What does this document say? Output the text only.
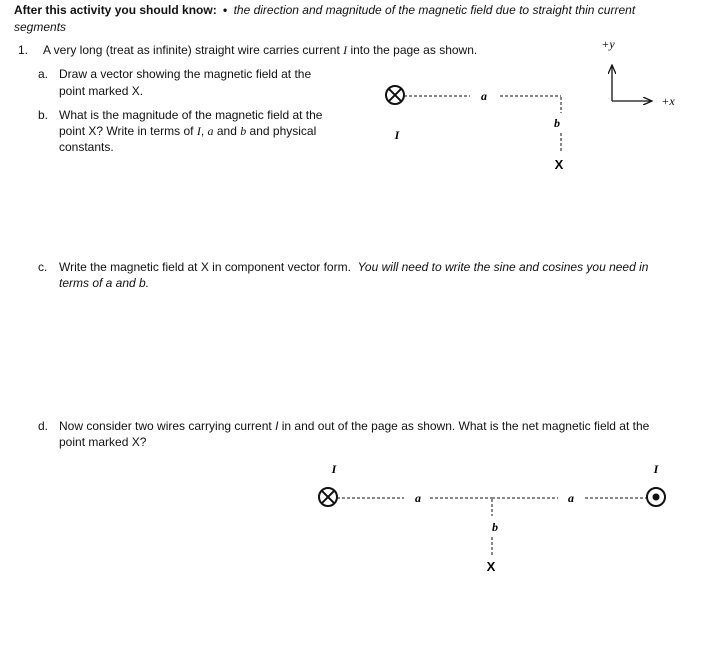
After this activity you should know: • the direction and magnitude of the magnetic field due to straight thin current
segments
1. A very long (treat as infinite) straight wire carries current I into the page as shown.
a. Draw a vector showing the magnetic field at the
point marked X.
b. What is the magnitude of the magnetic field at the
point X? Write in terms of I, a and b and physical
constants.
c. Write the magnetic field at X in component vector form. You will need to write the sine and cosines you need in
terms of a and b.
d. Now consider two wires carrying current I in and out of the page as shown. What is the net magnetic field at the
point marked X?
I
a
b
X
+y
+x
I	I
a	a
b
X
